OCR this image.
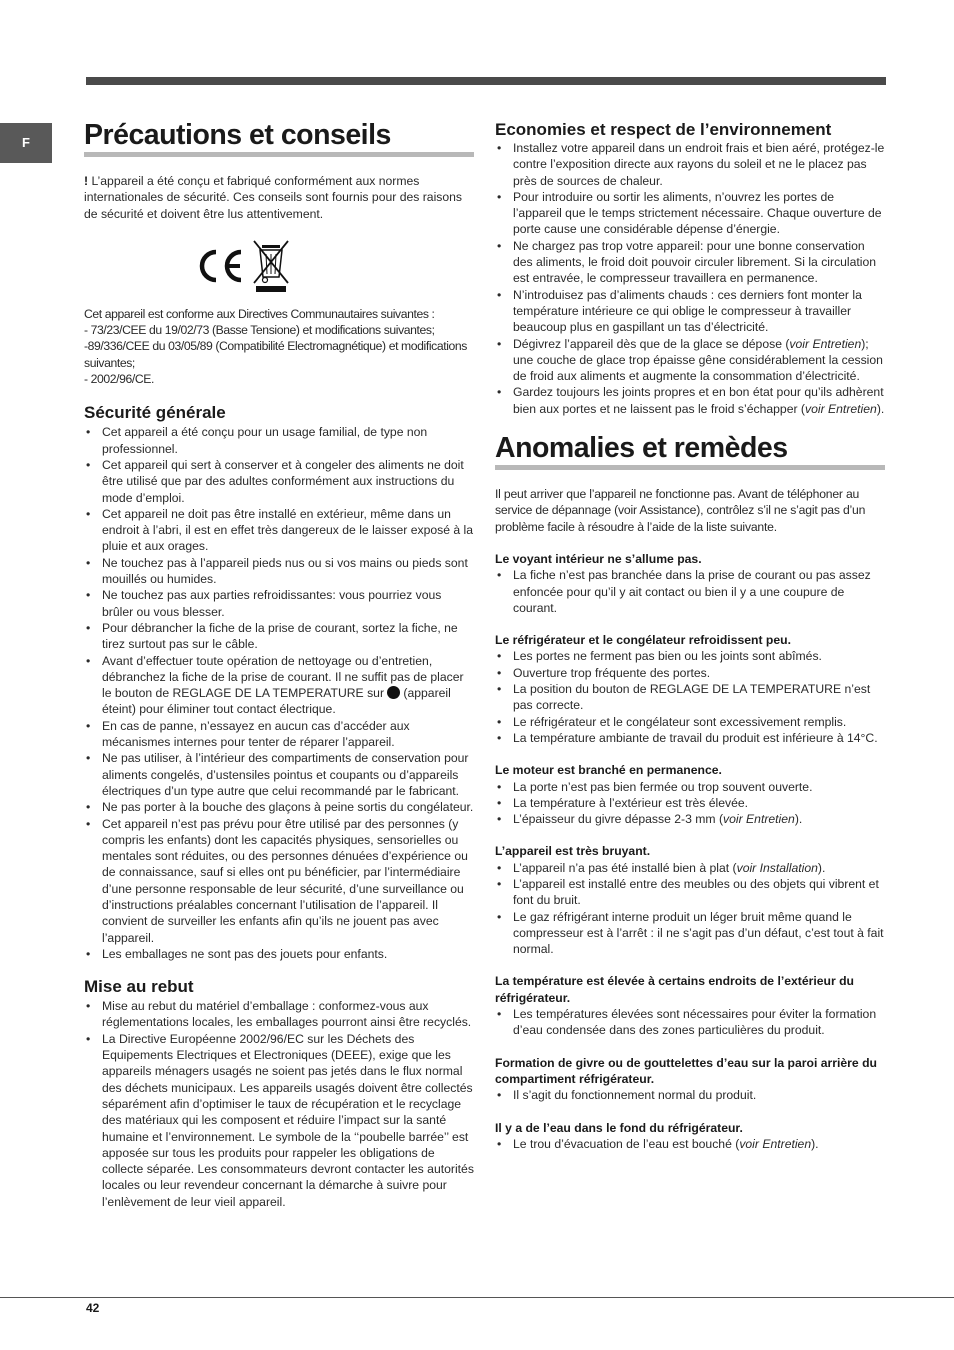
F	Précautions et conseils

! L’appareil a été conçu et fabriqué conformément aux normes internationales de sécurité. Ces conseils sont fournis pour des raisons de sécurité et doivent être lus attentivement.

Cet appareil est conforme aux Directives Communautaires suivantes :

- 73/23/CEE du 19/02/73 (Basse Tensione) et modifications suivantes;

-89/336/CEE du 03/05/89 (Compatibilité Electromagnétique) et modifications suivantes;

- 2002/96/CE.

Sécurité générale
• Cet appareil a été conçu pour un usage familial, de type non professionnel.
• Cet appareil qui sert à conserver et à congeler des aliments ne doit être utilisé que par des adultes conformément aux instructions du mode d’emploi.
• Cet appareil ne doit pas être installé en extérieur, même dans un endroit à l’abri, il est en effet très dangereux de le laisser exposé à la pluie et aux orages.
• Ne touchez pas à l’appareil pieds nus ou si vos mains ou pieds sont mouillés ou humides.
• Ne touchez pas aux parties refroidissantes: vous pourriez vous brûler ou vous blesser.
• Pour débrancher la fiche de la prise de courant, sortez la fiche, ne tirez surtout pas sur le câble.
• Avant d’effectuer toute opération de nettoyage ou d’entretien, débranchez la fiche de la prise de courant. Il ne suffit pas de placer le bouton de REGLAGE DE LA TEMPERATURE sur (appareil éteint) pour éliminer tout contact électrique.
• En cas de panne, n’essayez en aucun cas d’accéder aux mécanismes internes pour tenter de réparer l’appareil.
• Ne pas utiliser, à l’intérieur des compartiments de conservation pour aliments congelés, d’ustensiles pointus et coupants ou d’appareils électriques d’un type autre que celui recommandé par le fabricant.
• Ne pas porter à la bouche des glaçons à peine sortis du congélateur.
• Cet appareil n’est pas prévu pour être utilisé par des personnes (y compris les enfants) dont les capacités physiques, sensorielles ou mentales sont réduites, ou des personnes dénuées d’expérience ou de connaissance, sauf si elles ont pu bénéficier, par l’intermédiaire d’une personne responsable de leur sécurité, d’une surveillance ou d’instructions préalables concernant l’utilisation de l’appareil. Il convient de surveiller les enfants afin qu’ils ne jouent pas avec l’appareil.
• Les emballages ne sont pas des jouets pour enfants.
Mise au rebut
• Mise au rebut du matériel d’emballage : conformez-vous aux réglementations locales, les emballages pourront ainsi être recyclés.
• La Directive Européenne 2002/96/EC sur les Déchets des Equipements Electriques et Electroniques (DEEE), exige que les appareils ménagers usagés ne soient pas jetés dans le flux normal des déchets municipaux. Les appareils usagés doivent être collectés séparément afin d’optimiser le taux de récupération et le recyclage des matériaux qui les composent et réduire l’impact sur la santé humaine et l’environnement. Le symbole de la ‘‘poubelle barrée’’ est apposée sur tous les produits pour rappeler les obligations de collecte séparée. Les consommateurs devront contacter les autorités locales ou leur revendeur concernant la démarche à suivre pour l’enlèvement de leur vieil appareil.
Economies et respect de l’environnement
• Installez votre appareil dans un endroit frais et bien aéré, protégez-le contre l’exposition directe aux rayons du soleil et ne le placez pas près de sources de chaleur.
• Pour introduire ou sortir les aliments, n’ouvrez les portes de l’appareil que le temps strictement nécessaire. Chaque ouverture de porte cause une considérable dépense d’énergie.
• Ne chargez pas trop votre appareil: pour une bonne conservation des aliments, le froid doit pouvoir circuler librement. Si la circulation est entravée, le compresseur travaillera en permanence.
• N’introduisez pas d’aliments chauds : ces derniers font monter la température intérieure ce qui oblige le compresseur à travailler beaucoup plus en gaspillant un tas d’électricité.
• Dégivrez l’appareil dès que de la glace se dépose (voir Entretien); une couche de glace trop épaisse gêne considérablement la cession de froid aux aliments et augmente la consommation d’électricité.
• Gardez toujours les joints propres et en bon état pour qu’ils adhèrent bien aux portes et ne laissent pas le froid s’échapper (voir Entretien).
Anomalies et remèdes

Il peut arriver que l’appareil ne fonctionne pas. Avant de téléphoner au service de dépannage (voir Assistance), contrôlez s’il ne s’agit pas d’un problème facile à résoudre à l’aide de la liste suivante.

Le voyant intérieur ne s’allume pas.

• La fiche n’est pas branchée dans la prise de courant ou pas assez enfoncée pour qu’il y ait contact ou bien il y a une coupure de courant.

Le réfrigérateur et le congélateur refroidissent peu.

• Les portes ne ferment pas bien ou les joints sont abîmés.
• Ouverture trop fréquente des portes.
• La position du bouton de REGLAGE DE LA TEMPERATURE n’est pas correcte.
• Le réfrigérateur et le congélateur sont excessivement remplis.
• La température ambiante de travail du produit est inférieure à 14°C.

Le moteur est branché en permanence.

• La porte n’est pas bien fermée ou trop souvent ouverte.
• La température à l’extérieur est très élevée.
• L’épaisseur du givre dépasse 2-3 mm (voir Entretien).

L’appareil est très bruyant.

• L’appareil n’a pas été installé bien à plat (voir Installation).
• L’appareil est installé entre des meubles ou des objets qui vibrent et font du bruit.
• Le gaz réfrigérant interne produit un léger bruit même quand le compresseur est à l’arrêt : il ne s’agit pas d’un défaut, c’est tout à fait normal.

La température est élevée à certains endroits de l’extérieur du réfrigérateur.

• Les températures élevées sont nécessaires pour éviter la formation d’eau condensée dans des zones particulières du produit.

Formation de givre ou de gouttelettes d’eau sur la paroi arrière du compartiment réfrigérateur.

• Il s’agit du fonctionnement normal du produit.

Il y a de l’eau dans le fond du réfrigérateur.

• Le trou d’évacuation de l’eau est bouché (voir Entretien).
42
